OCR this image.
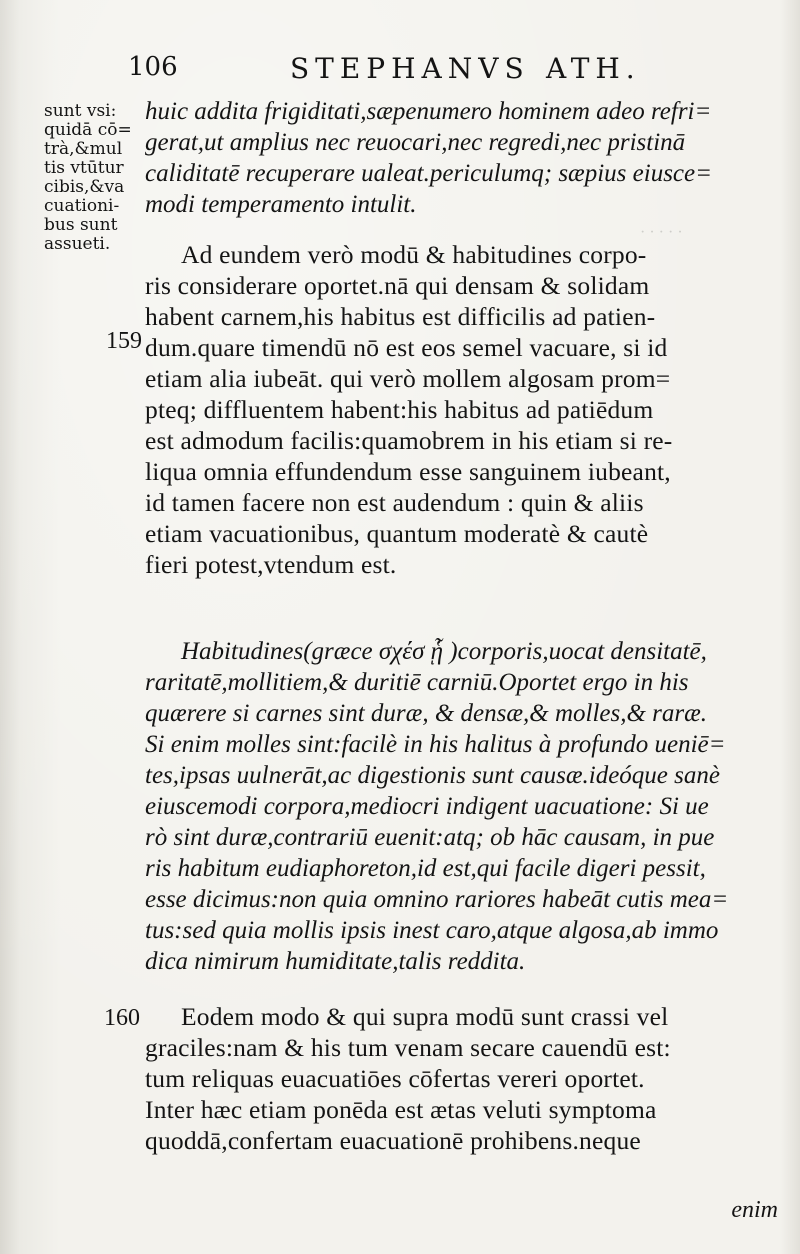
106	STEPHANVS ATH.
· · · · ·
sunt vsi:
quidā cō=
trà,&mul
tis vtūtur
cibis,&va
cuationi-
bus sunt
assueti.
159
160
huic addita frigiditati,sæpenumero hominem adeo refri=
gerat,ut amplius nec reuocari,nec regredi,nec pristinā
caliditatē recuperare ualeat.periculumq; sæpius eiusce=
modi temperamento intulit.
Ad eundem verò modū & habitudines corpo-
ris considerare oportet.nā qui densam & solidam
habent carnem,his habitus est difficilis ad patien-
dum.quare timendū nō est eos semel vacuare, si id
etiam alia iubeāt. qui verò mollem algosam prom=
pteq; diffluentem habent:his habitus ad patiēdum
est admodum facilis:quamobrem in his etiam si re-
liqua omnia effundendum esse sanguinem iubeant,
id tamen facere non est audendum : quin & aliis
etiam vacuationibus, quantum moderatè & cautè
fieri potest,vtendum est.
Habitudines(græce σχέσ ᾗ )corporis,uocat densitatē,
raritatē,mollitiem,& duritiē carniū.Oportet ergo in his
quærere si carnes sint duræ, & densæ,& molles,& raræ.
Si enim molles sint:facilè in his halitus à profundo ueniē=
tes,ipsas uulnerāt,ac digestionis sunt causæ.ideóque sanè
eiuscemodi corpora,mediocri indigent uacuatione: Si ue
rò sint duræ,contrariū euenit:atq; ob hāc causam, in pue
ris habitum eudiaphoreton,id est,qui facile digeri pessit,
esse dicimus:non quia omnino rariores habeāt cutis mea=
tus:sed quia mollis ipsis inest caro,atque algosa,ab immo
dica nimirum humiditate,talis reddita.
Eodem modo & qui supra modū sunt crassi vel
graciles:nam & his tum venam secare cauendū est:
tum reliquas euacuatiōes cōfertas vereri oportet.
Inter hæc etiam ponēda est ætas veluti symptoma
quoddā,confertam euacuationē prohibens.neque
enim
